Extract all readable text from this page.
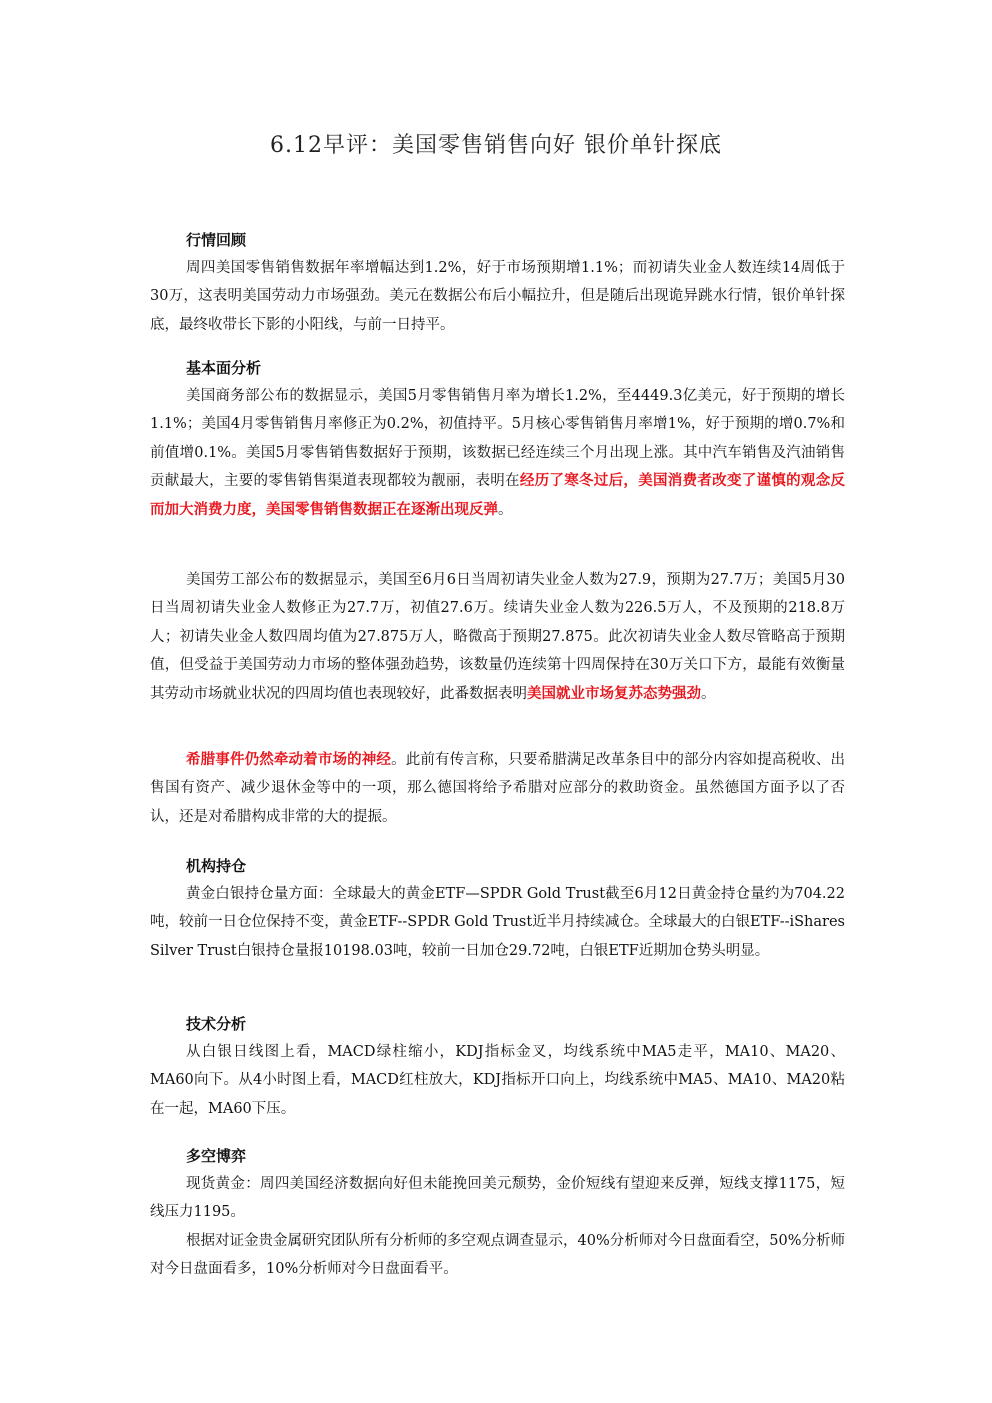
6.12早评：美国零售销售向好 银价单针探底

行情回顾

周四美国零售销售数据年率增幅达到1.2%，好于市场预期增1.1%；而初请失业金人数连续14周低于30万，这表明美国劳动力市场强劲。美元在数据公布后小幅拉升，但是随后出现诡异跳水行情，银价单针探底，最终收带长下影的小阳线，与前一日持平。

基本面分析

美国商务部公布的数据显示，美国5月零售销售月率为增长1.2%，至4449.3亿美元，好于预期的增长1.1%；美国4月零售销售月率修正为0.2%，初值持平。5月核心零售销售月率增1%，好于预期的增0.7%和前值增0.1%。美国5月零售销售数据好于预期，该数据已经连续三个月出现上涨。其中汽车销售及汽油销售贡献最大，主要的零售销售渠道表现都较为靓丽，表明在经历了寒冬过后，美国消费者改变了谨慎的观念反而加大消费力度，美国零售销售数据正在逐渐出现反弹。

美国劳工部公布的数据显示，美国至6月6日当周初请失业金人数为27.9，预期为27.7万；美国5月30日当周初请失业金人数修正为27.7万，初值27.6万。续请失业金人数为226.5万人，不及预期的218.8万人；初请失业金人数四周均值为27.875万人，略微高于预期27.875。此次初请失业金人数尽管略高于预期值，但受益于美国劳动力市场的整体强劲趋势，该数量仍连续第十四周保持在30万关口下方，最能有效衡量其劳动市场就业状况的四周均值也表现较好，此番数据表明美国就业市场复苏态势强劲。

希腊事件仍然牵动着市场的神经。此前有传言称，只要希腊满足改革条目中的部分内容如提高税收、出售国有资产、减少退休金等中的一项，那么德国将给予希腊对应部分的救助资金。虽然德国方面予以了否认，还是对希腊构成非常的大的提振。

机构持仓

黄金白银持仓量方面：全球最大的黄金ETF—SPDR Gold Trust截至6月12日黄金持仓量约为704.22吨，较前一日仓位保持不变，黄金ETF--SPDR Gold Trust近半月持续减仓。全球最大的白银ETF--iShares Silver Trust白银持仓量报10198.03吨，较前一日加仓29.72吨，白银ETF近期加仓势头明显。

技术分析

从白银日线图上看，MACD绿柱缩小，KDJ指标金叉，均线系统中MA5走平，MA10、MA20、MA60向下。从4小时图上看，MACD红柱放大，KDJ指标开口向上，均线系统中MA5、MA10、MA20粘在一起，MA60下压。

多空博弈

现货黄金：周四美国经济数据向好但未能挽回美元颓势，金价短线有望迎来反弹，短线支撑1175，短线压力1195。

根据对证金贵金属研究团队所有分析师的多空观点调查显示，40%分析师对今日盘面看空，50%分析师对今日盘面看多，10%分析师对今日盘面看平。
